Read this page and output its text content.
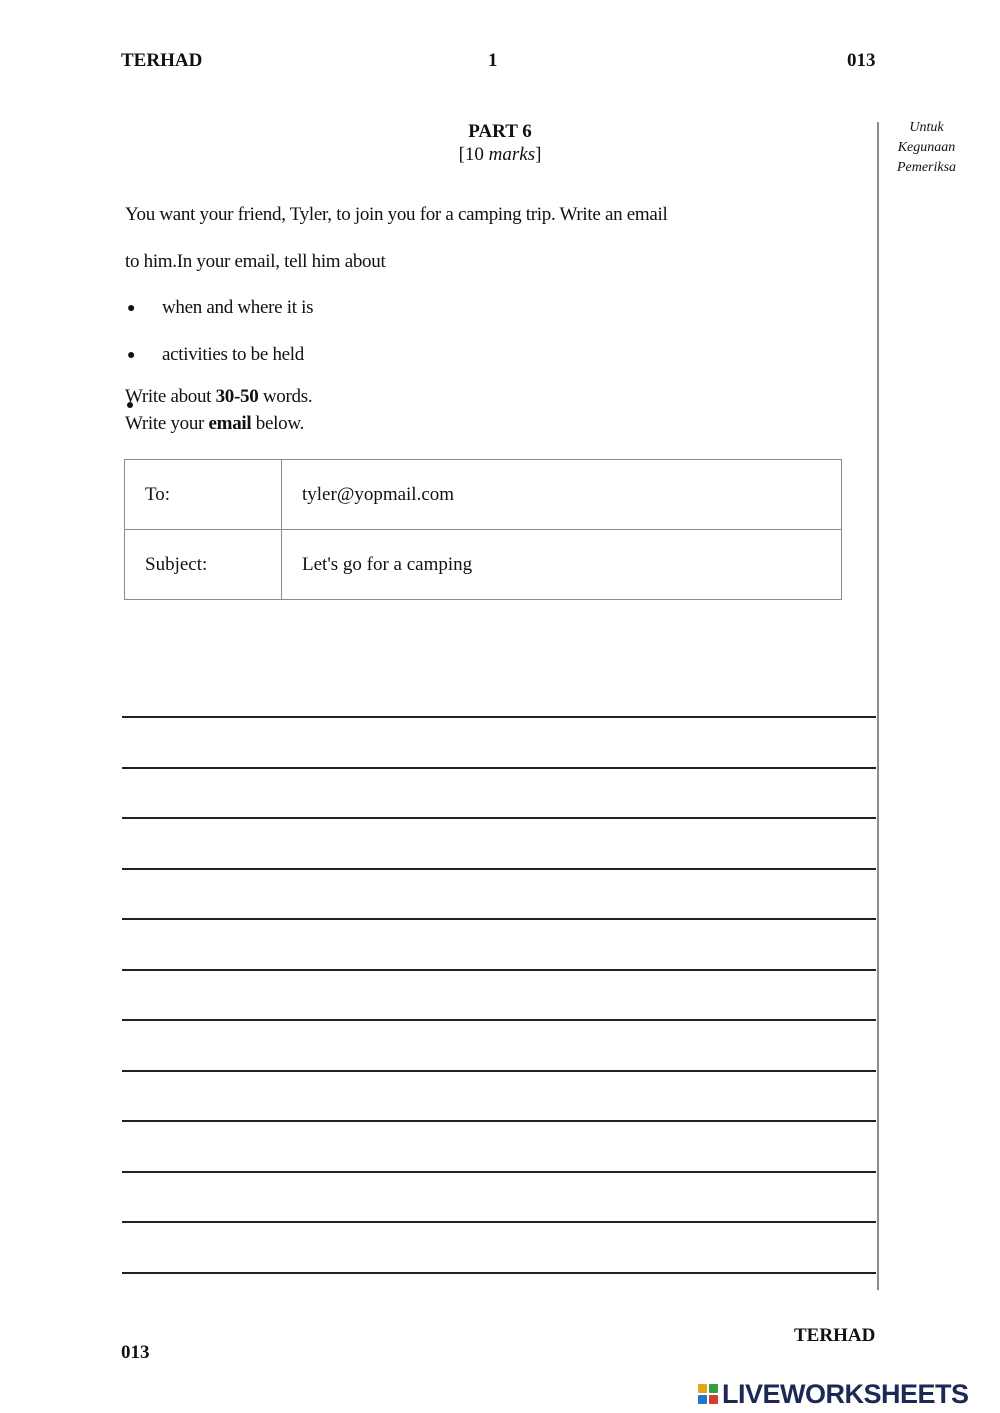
TERHAD	1	013
Untuk
Kegunaan
Pemeriksa
PART 6
[10 marks]
You want your friend, Tyler, to join you for a camping trip. Write an email
to him.In your email, tell him about
● when and where it is
● activities to be held
Write about 30-50 words.
Write your email below.
To:	tyler@yopmail.com
Subject:	Let's go for a camping
TERHAD
013
LIVEWORKSHEETS
